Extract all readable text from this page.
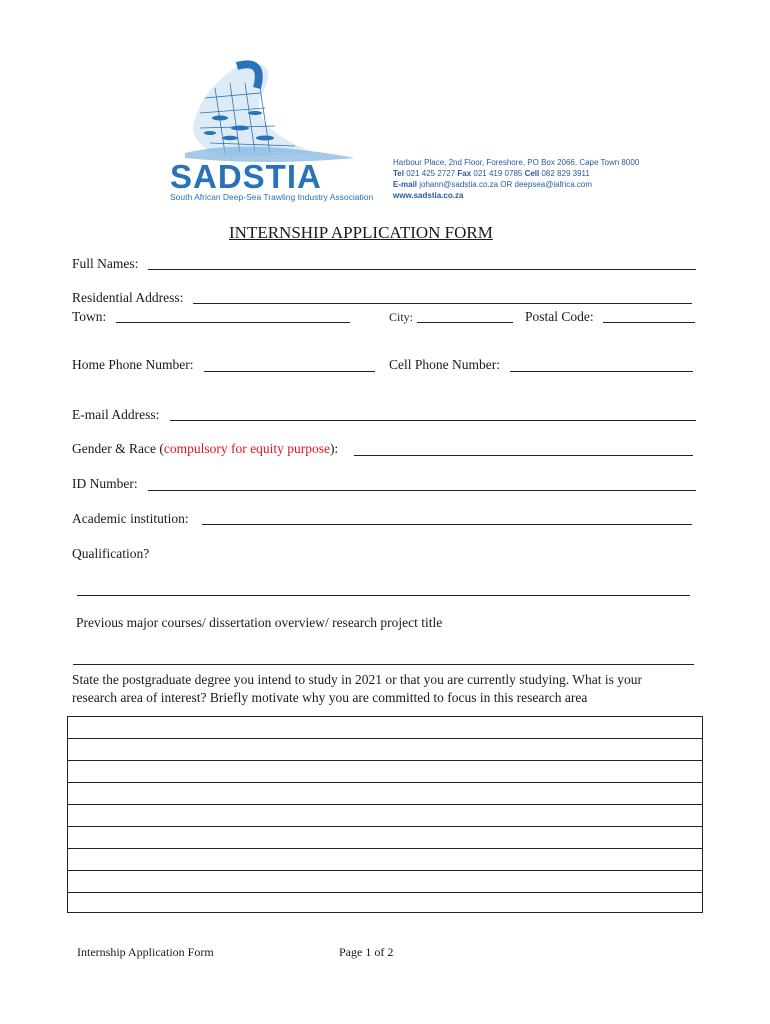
SADSTIA
South African Deep-Sea Trawling Industry Association
Harbour Place, 2nd Floor, Foreshore, PO Box 2066, Cape Town 8000
Tel 021 425 2727 Fax 021 419 0785 Cell 082 829 3911
E-mail johann@sadstia.co.za OR deepsea@iafrica.com
www.sadstia.co.za
INTERNSHIP APPLICATION FORM
Full Names:
Residential Address:
Town:	City:	Postal Code:
Home Phone Number:	Cell Phone Number:
E-mail Address:
Gender & Race (compulsory for equity purpose):
ID Number:
Academic institution:
Qualification?
Previous major courses/ dissertation overview/ research project title
State the postgraduate degree you intend to study in 2021 or that you are currently studying. What is your
research area of interest? Briefly motivate why you are committed to focus in this research area
Internship Application Form	Page 1 of 2
